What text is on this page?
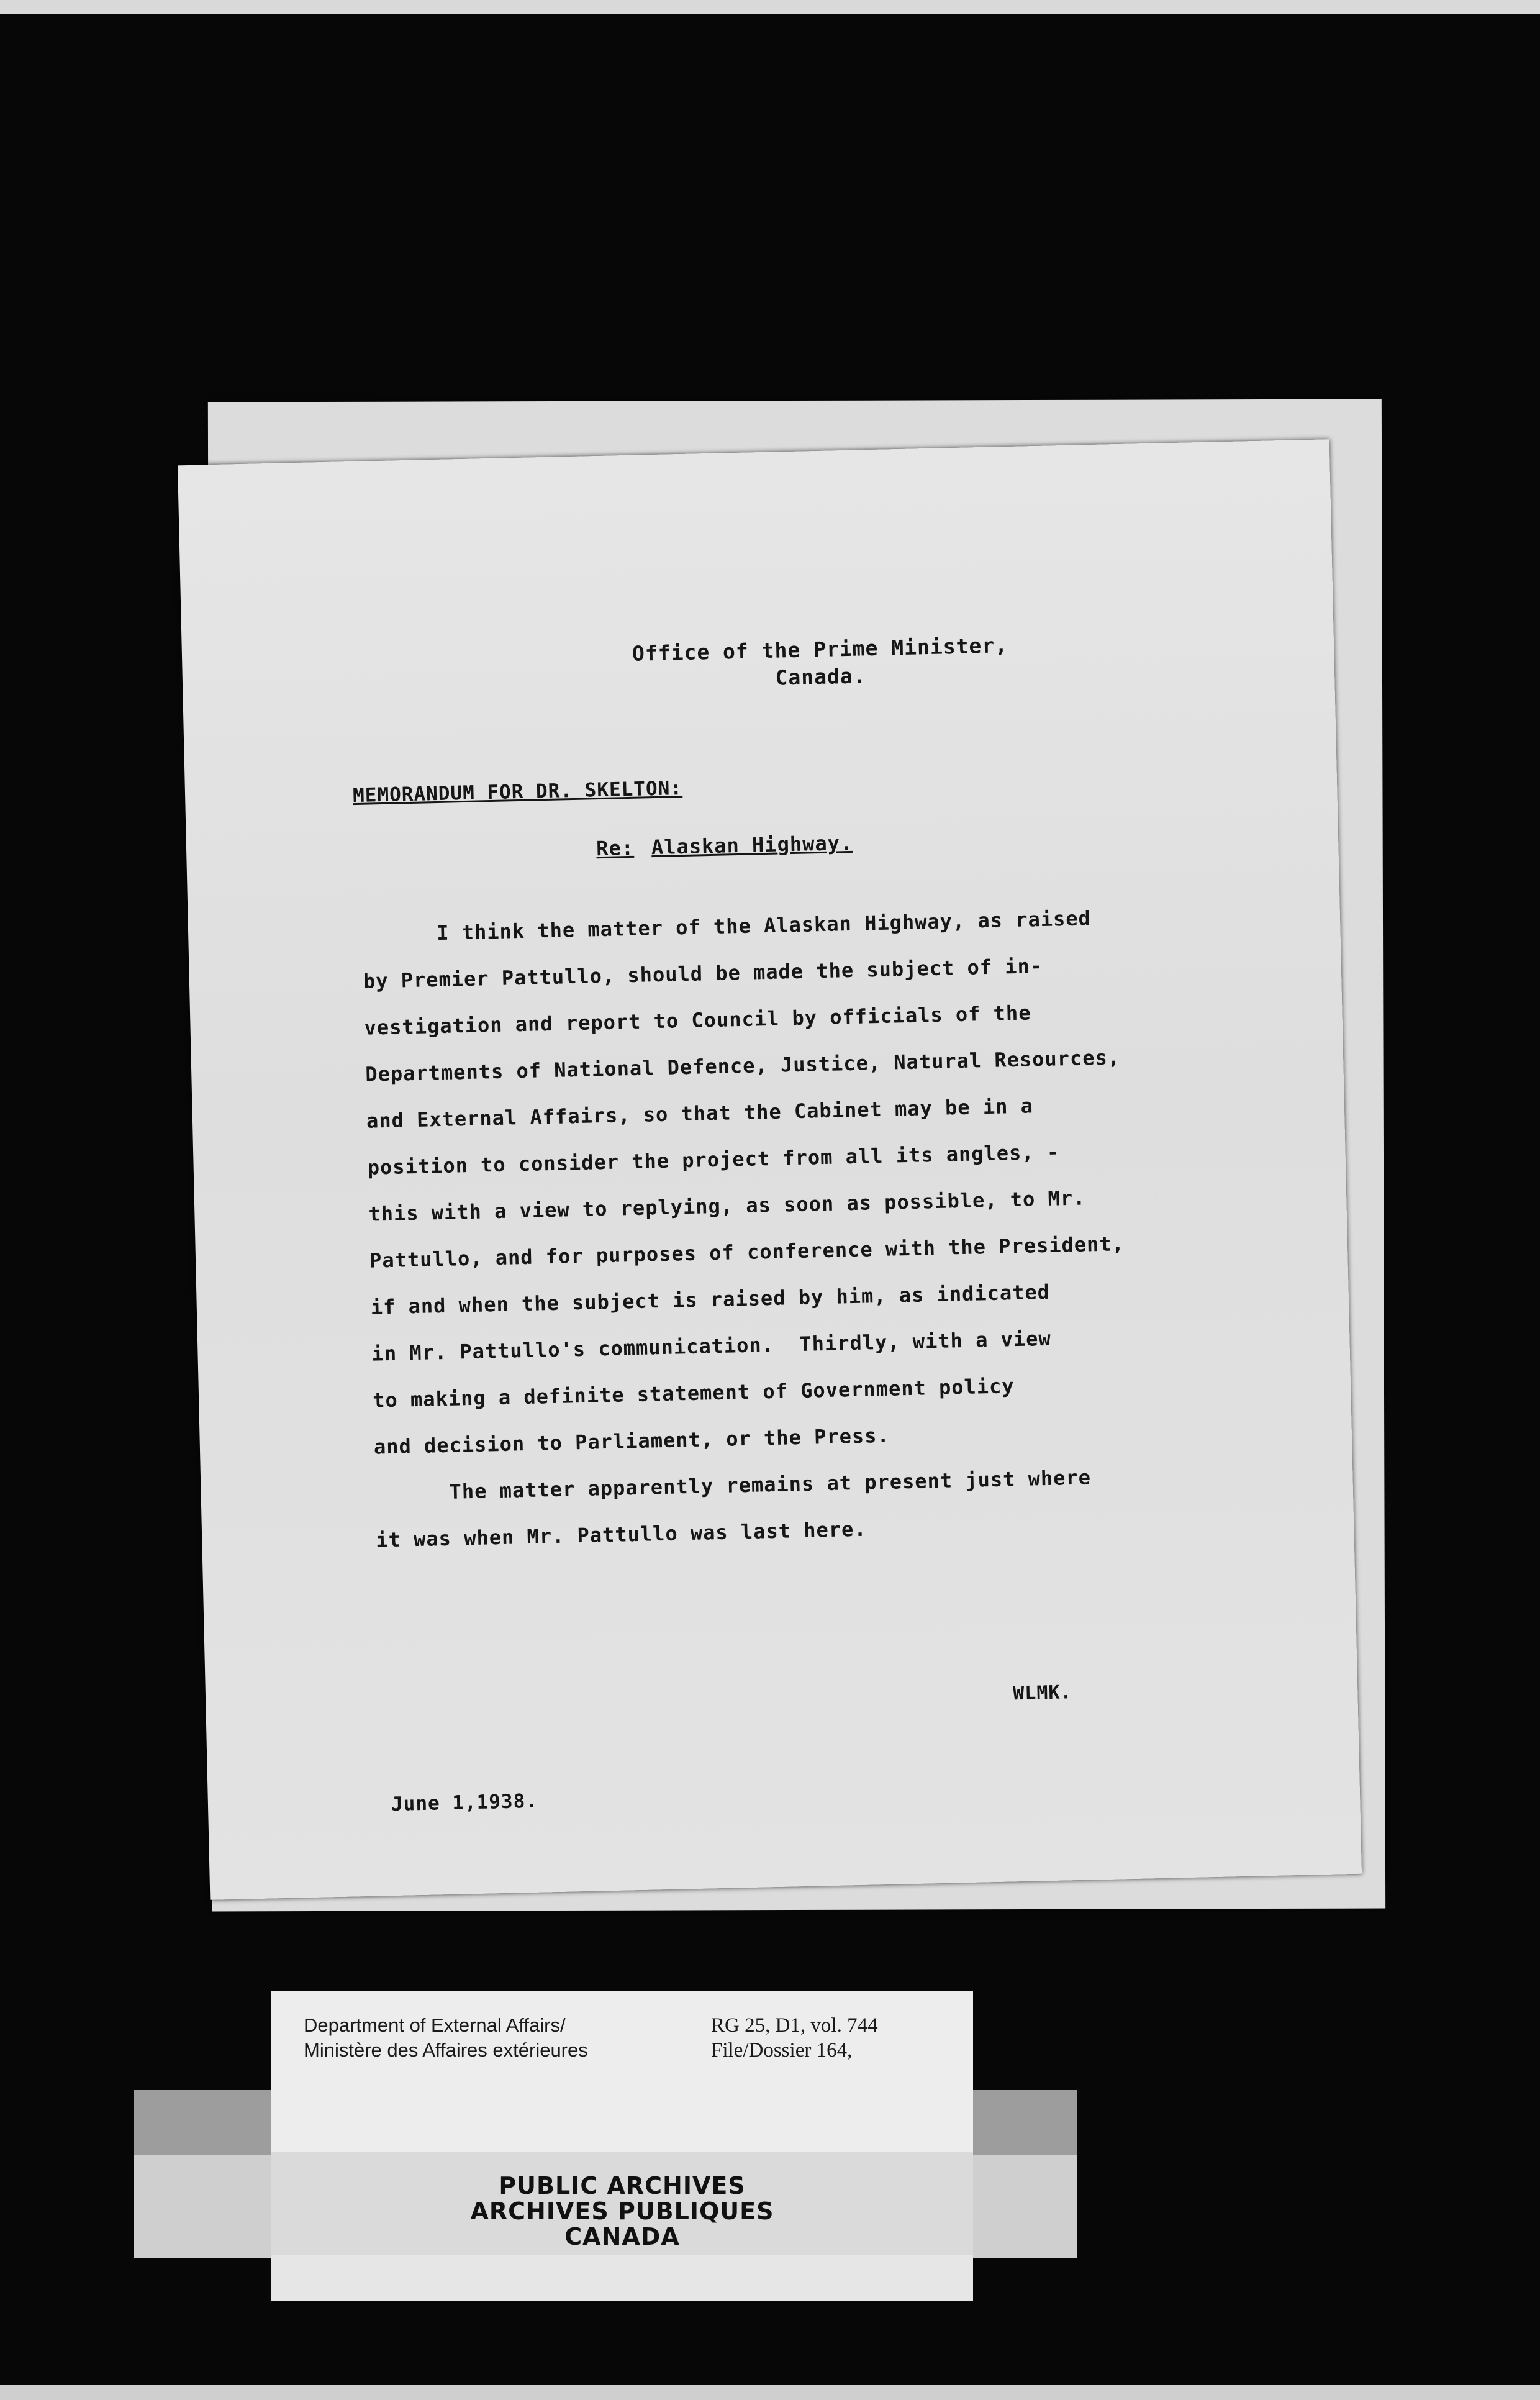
Office of the Prime Minister,
Canada.
MEMORANDUM FOR DR. SKELTON:
Re: Alaskan Highway.
I think the matter of the Alaskan Highway, as raised
by Premier Pattullo, should be made the subject of in-
vestigation and report to Council by officials of the
Departments of National Defence, Justice, Natural Resources,
and External Affairs, so that the Cabinet may be in a
position to consider the project from all its angles, -
this with a view to replying, as soon as possible, to Mr.
Pattullo, and for purposes of conference with the President,
if and when the subject is raised by him, as indicated
in Mr. Pattullo's communication.  Thirdly, with a view
to making a definite statement of Government policy
and decision to Parliament, or the Press.
The matter apparently remains at present just where
it was when Mr. Pattullo was last here.
WLMK.
June 1,1938.
Department of External Affairs/
Ministère des Affaires extérieures
RG 25, D1, vol. 744
File/Dossier 164,
PUBLIC ARCHIVES
ARCHIVES PUBLIQUES
CANADA
